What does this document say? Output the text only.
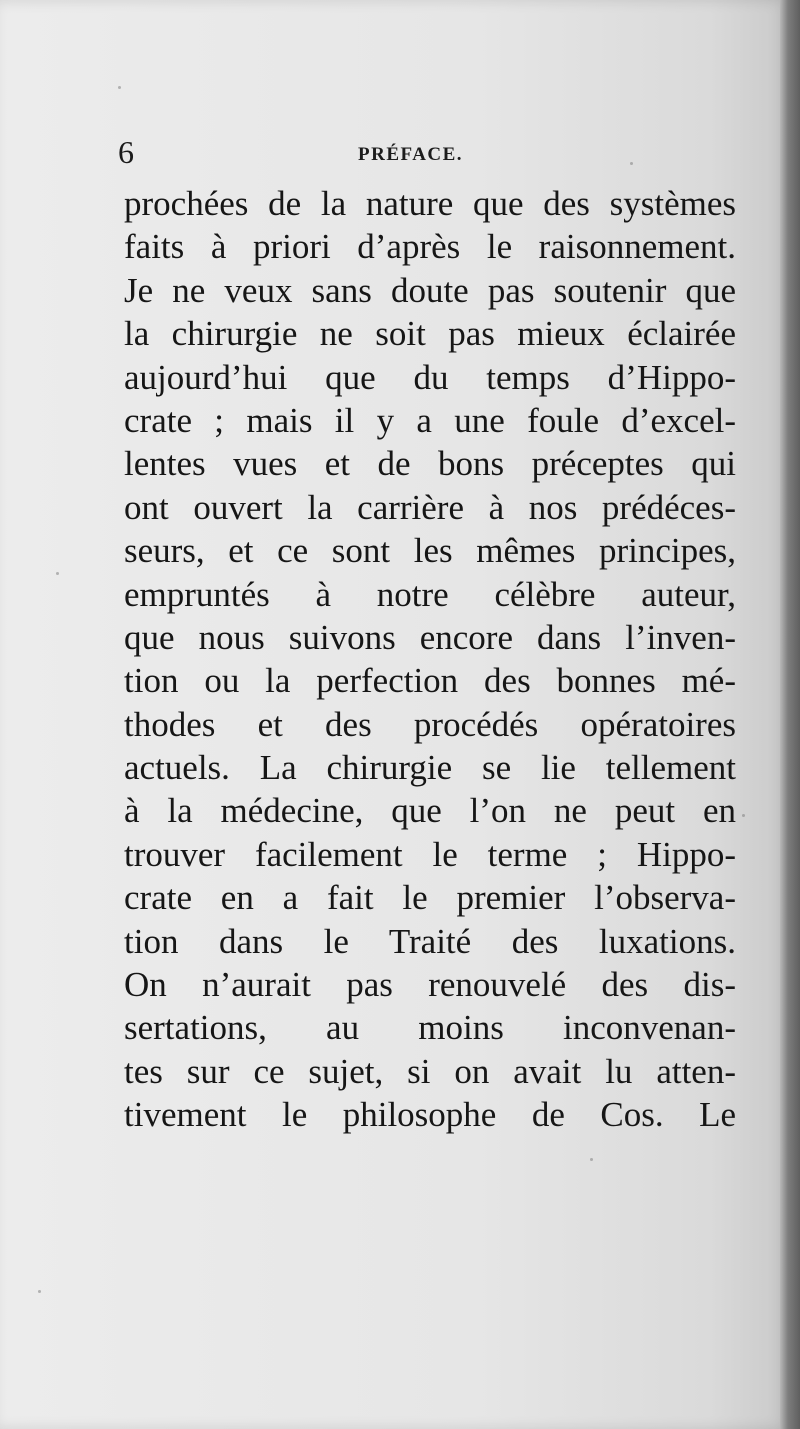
6	PRÉFACE.
prochées de la nature que des systèmes
faits à priori d’après le raisonnement.
Je ne veux sans doute pas soutenir que
la chirurgie ne soit pas mieux éclairée
aujourd’hui que du temps d’Hippo-
crate ; mais il y a une foule d’excel-
lentes vues et de bons préceptes qui
ont ouvert la carrière à nos prédéces-
seurs, et ce sont les mêmes principes,
empruntés à notre célèbre auteur,
que nous suivons encore dans l’inven-
tion ou la perfection des bonnes mé-
thodes et des procédés opératoires
actuels. La chirurgie se lie tellement
à la médecine, que l’on ne peut en
trouver facilement le terme ; Hippo-
crate en a fait le premier l’observa-
tion dans le Traité des luxations.
On n’aurait pas renouvelé des dis-
sertations, au moins inconvenan-
tes sur ce sujet, si on avait lu atten-
tivement le philosophe de Cos. Le
